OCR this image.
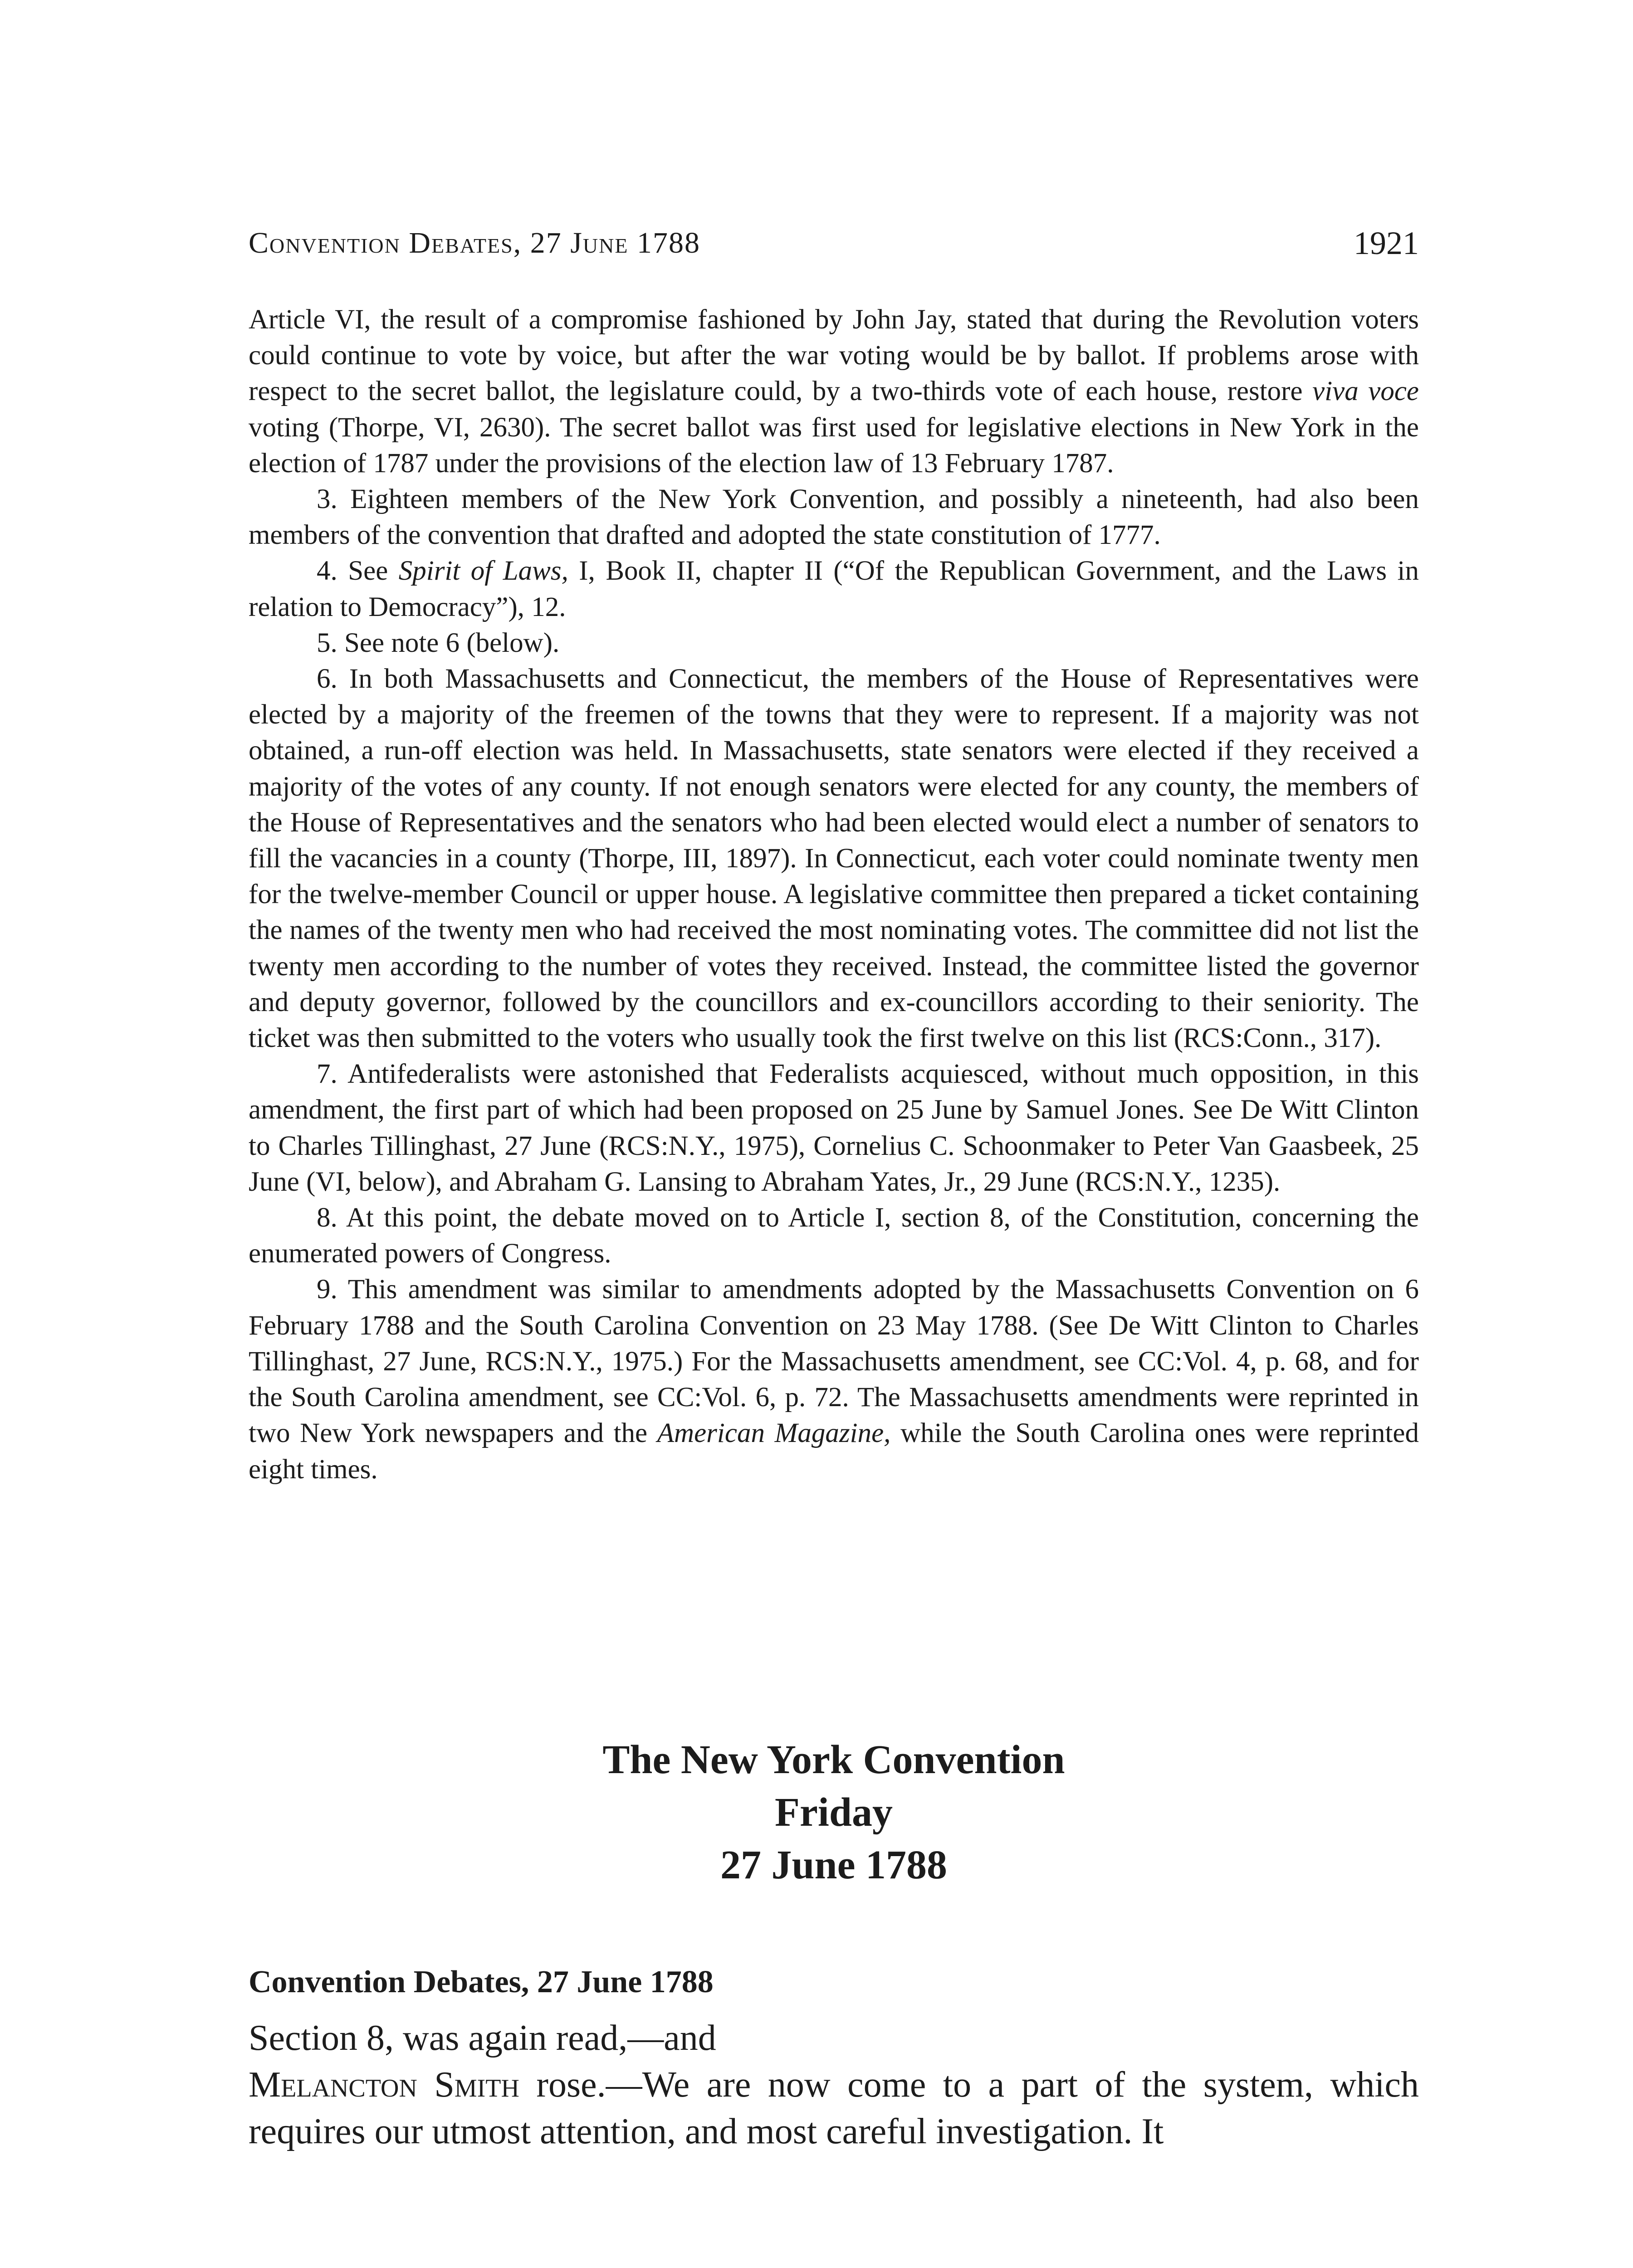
Convention Debates, 27 June 1788	1921

Article VI, the result of a compromise fashioned by John Jay, stated that during the Revolution voters could continue to vote by voice, but after the war voting would be by ballot. If problems arose with respect to the secret ballot, the legislature could, by a two-thirds vote of each house, restore viva voce voting (Thorpe, VI, 2630). The secret ballot was first used for legislative elections in New York in the election of 1787 under the provisions of the election law of 13 February 1787.

3. Eighteen members of the New York Convention, and possibly a nineteenth, had also been members of the convention that drafted and adopted the state constitution of 1777.

4. See Spirit of Laws, I, Book II, chapter II (“Of the Republican Government, and the Laws in relation to Democracy”), 12.

5. See note 6 (below).

6. In both Massachusetts and Connecticut, the members of the House of Representatives were elected by a majority of the freemen of the towns that they were to represent. If a majority was not obtained, a run-off election was held. In Massachusetts, state senators were elected if they received a majority of the votes of any county. If not enough senators were elected for any county, the members of the House of Representatives and the senators who had been elected would elect a number of senators to fill the vacancies in a county (Thorpe, III, 1897). In Connecticut, each voter could nominate twenty men for the twelve-member Council or upper house. A legislative committee then prepared a ticket containing the names of the twenty men who had received the most nominating votes. The committee did not list the twenty men according to the number of votes they received. Instead, the committee listed the governor and deputy governor, followed by the councillors and ex-councillors according to their seniority. The ticket was then submitted to the voters who usually took the first twelve on this list (RCS:Conn., 317).

7. Antifederalists were astonished that Federalists acquiesced, without much opposition, in this amendment, the first part of which had been proposed on 25 June by Samuel Jones. See De Witt Clinton to Charles Tillinghast, 27 June (RCS:N.Y., 1975), Cornelius C. Schoonmaker to Peter Van Gaasbeek, 25 June (VI, below), and Abraham G. Lansing to Abraham Yates, Jr., 29 June (RCS:N.Y., 1235).

8. At this point, the debate moved on to Article I, section 8, of the Constitution, concerning the enumerated powers of Congress.

9. This amendment was similar to amendments adopted by the Massachusetts Convention on 6 February 1788 and the South Carolina Convention on 23 May 1788. (See De Witt Clinton to Charles Tillinghast, 27 June, RCS:N.Y., 1975.) For the Massachusetts amendment, see CC:Vol. 4, p. 68, and for the South Carolina amendment, see CC:Vol. 6, p. 72. The Massachusetts amendments were reprinted in two New York newspapers and the American Magazine, while the South Carolina ones were reprinted eight times.

The New York Convention
Friday
27 June 1788
Convention Debates, 27 June 1788

Section 8, was again read,—and

Melancton Smith rose.—We are now come to a part of the system, which requires our utmost attention, and most careful investigation. It
